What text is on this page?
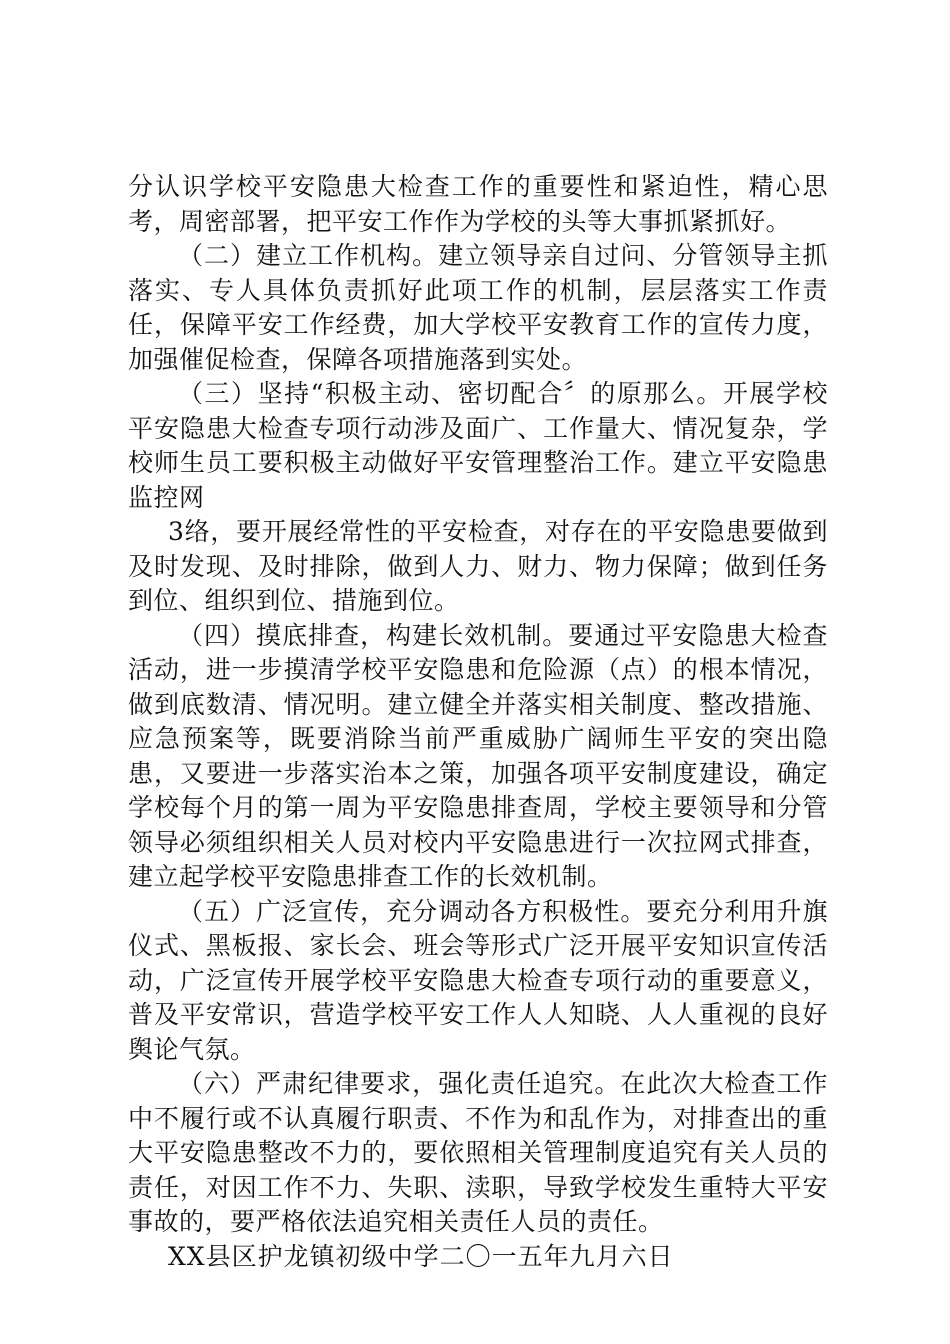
分认识学校平安隐患大检查工作的重要性和紧迫性，精心思考，周密部署，把平安工作作为学校的头等大事抓紧抓好。

（二）建立工作机构。建立领导亲自过问、分管领导主抓落实、专人具体负责抓好此项工作的机制，层层落实工作责任，保障平安工作经费，加大学校平安教育工作的宣传力度，加强催促检查，保障各项措施落到实处。

（三）坚持“积极主动、密切配合〞的原那么。开展学校平安隐患大检查专项行动涉及面广、工作量大、情况复杂，学校师生员工要积极主动做好平安管理整治工作。建立平安隐患监控网

3络，要开展经常性的平安检查，对存在的平安隐患要做到及时发现、及时排除，做到人力、财力、物力保障；做到任务到位、组织到位、措施到位。

（四）摸底排查，构建长效机制。要通过平安隐患大检查活动，进一步摸清学校平安隐患和危险源（点）的根本情况，做到底数清、情况明。建立健全并落实相关制度、整改措施、应急预案等，既要消除当前严重威胁广阔师生平安的突出隐患，又要进一步落实治本之策，加强各项平安制度建设，确定学校每个月的第一周为平安隐患排查周，学校主要领导和分管领导必须组织相关人员对校内平安隐患进行一次拉网式排查，建立起学校平安隐患排查工作的长效机制。

（五）广泛宣传，充分调动各方积极性。要充分利用升旗仪式、黑板报、家长会、班会等形式广泛开展平安知识宣传活动，广泛宣传开展学校平安隐患大检查专项行动的重要意义，普及平安常识，营造学校平安工作人人知晓、人人重视的良好舆论气氛。

（六）严肃纪律要求，强化责任追究。在此次大检查工作中不履行或不认真履行职责、不作为和乱作为，对排查出的重大平安隐患整改不力的，要依照相关管理制度追究有关人员的责任，对因工作不力、失职、渎职，导致学校发生重特大平安事故的，要严格依法追究相关责任人员的责任。

XX县区护龙镇初级中学二〇一五年九月六日
